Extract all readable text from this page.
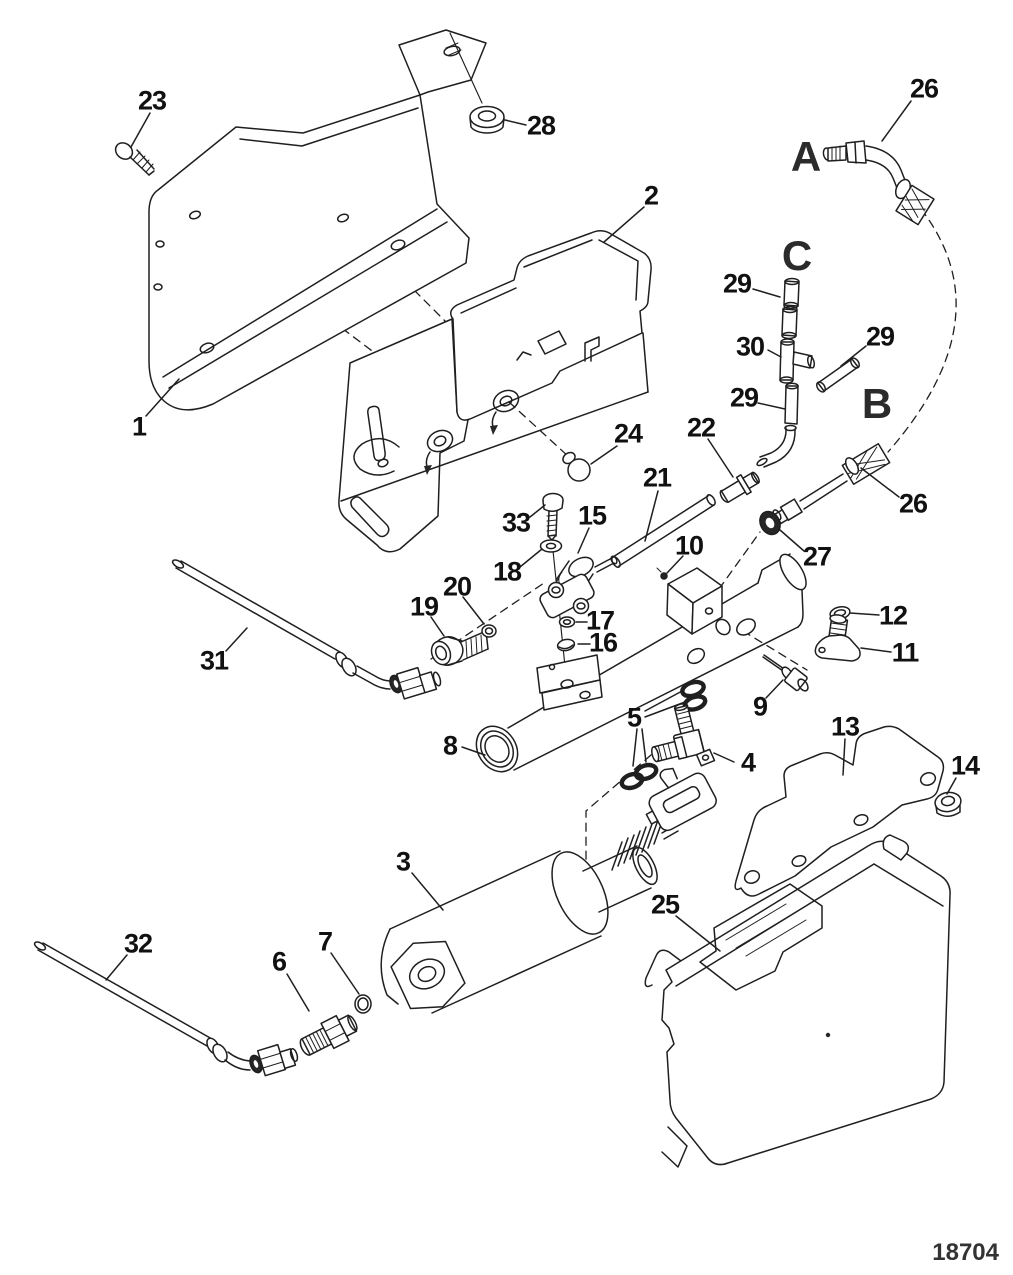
23
28
2
26
1
29
30	29
29
22
24
21
26
33 15
10
18	27
20
19	17
16
12
11
31
9
5
8
13
4	14
3
25
32
6
7
A
C
B
18704
